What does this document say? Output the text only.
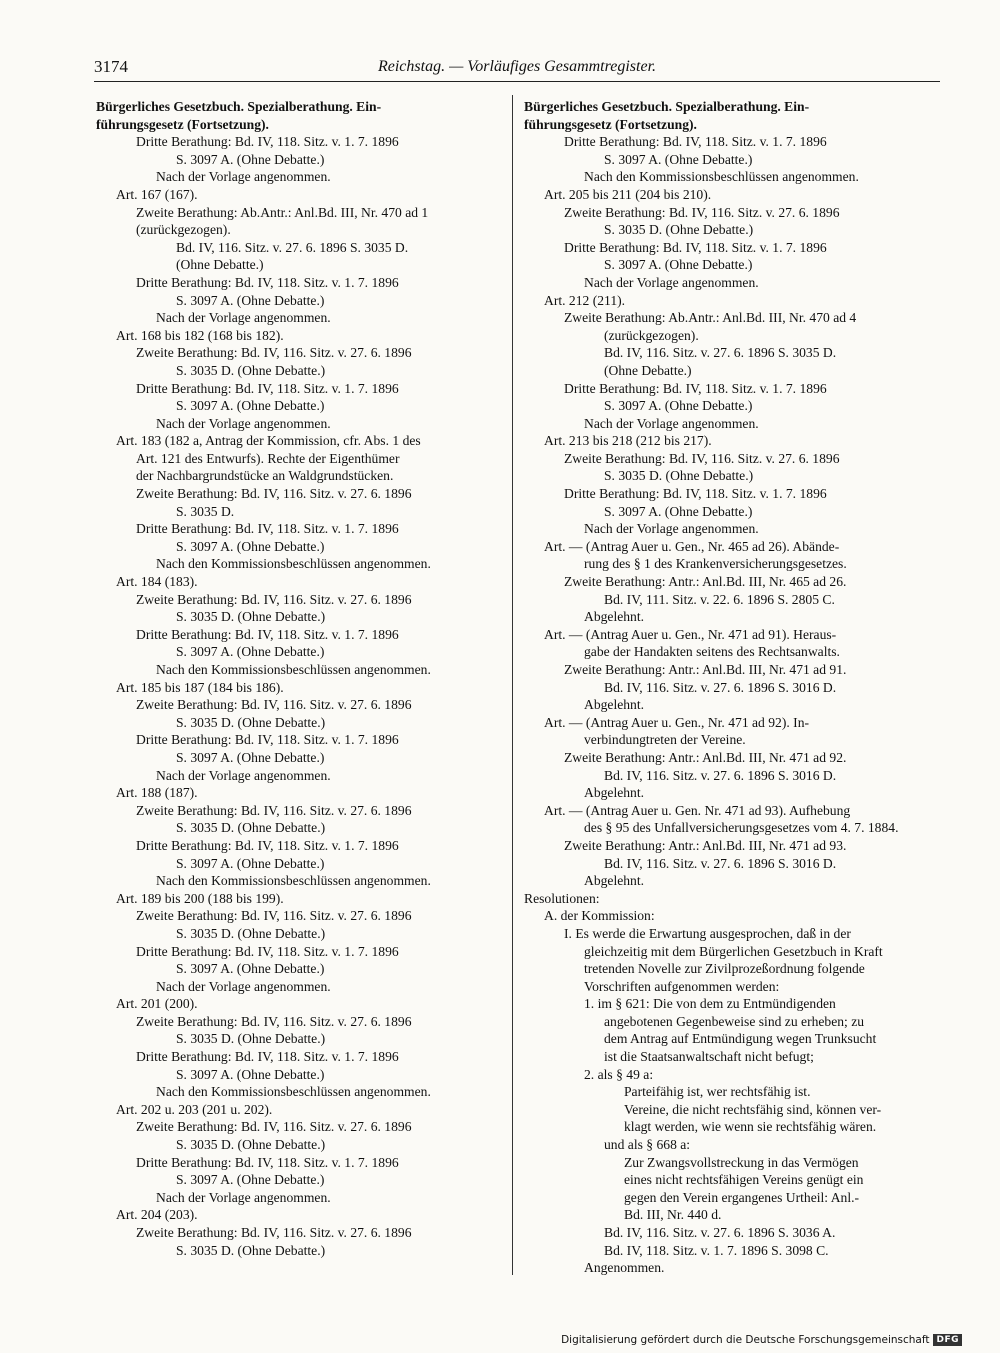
3174	Reichstag. — Vorläufiges Gesammtregister.
Bürgerliches Gesetzbuch. Spezialberathung. Ein-
führungsgesetz (Fortsetzung).
Dritte Berathung: Bd. IV, 118. Sitz. v. 1. 7. 1896
S. 3097 A. (Ohne Debatte.)
Nach der Vorlage angenommen.
Art. 167 (167).
Zweite Berathung: Ab.Antr.: Anl.Bd. III, Nr. 470 ad 1
(zurückgezogen).
Bd. IV, 116. Sitz. v. 27. 6. 1896 S. 3035 D.
(Ohne Debatte.)
Dritte Berathung: Bd. IV, 118. Sitz. v. 1. 7. 1896
S. 3097 A. (Ohne Debatte.)
Nach der Vorlage angenommen.
Art. 168 bis 182 (168 bis 182).
Zweite Berathung: Bd. IV, 116. Sitz. v. 27. 6. 1896
S. 3035 D. (Ohne Debatte.)
Dritte Berathung: Bd. IV, 118. Sitz. v. 1. 7. 1896
S. 3097 A. (Ohne Debatte.)
Nach der Vorlage angenommen.
Art. 183 (182 a, Antrag der Kommission, cfr. Abs. 1 des
Art. 121 des Entwurfs). Rechte der Eigenthümer
der Nachbargrundstücke an Waldgrundstücken.
Zweite Berathung: Bd. IV, 116. Sitz. v. 27. 6. 1896
S. 3035 D.
Dritte Berathung: Bd. IV, 118. Sitz. v. 1. 7. 1896
S. 3097 A. (Ohne Debatte.)
Nach den Kommissionsbeschlüssen angenommen.
Art. 184 (183).
Zweite Berathung: Bd. IV, 116. Sitz. v. 27. 6. 1896
S. 3035 D. (Ohne Debatte.)
Dritte Berathung: Bd. IV, 118. Sitz. v. 1. 7. 1896
S. 3097 A. (Ohne Debatte.)
Nach den Kommissionsbeschlüssen angenommen.
Art. 185 bis 187 (184 bis 186).
Zweite Berathung: Bd. IV, 116. Sitz. v. 27. 6. 1896
S. 3035 D. (Ohne Debatte.)
Dritte Berathung: Bd. IV, 118. Sitz. v. 1. 7. 1896
S. 3097 A. (Ohne Debatte.)
Nach der Vorlage angenommen.
Art. 188 (187).
Zweite Berathung: Bd. IV, 116. Sitz. v. 27. 6. 1896
S. 3035 D. (Ohne Debatte.)
Dritte Berathung: Bd. IV, 118. Sitz. v. 1. 7. 1896
S. 3097 A. (Ohne Debatte.)
Nach den Kommissionsbeschlüssen angenommen.
Art. 189 bis 200 (188 bis 199).
Zweite Berathung: Bd. IV, 116. Sitz. v. 27. 6. 1896
S. 3035 D. (Ohne Debatte.)
Dritte Berathung: Bd. IV, 118. Sitz. v. 1. 7. 1896
S. 3097 A. (Ohne Debatte.)
Nach der Vorlage angenommen.
Art. 201 (200).
Zweite Berathung: Bd. IV, 116. Sitz. v. 27. 6. 1896
S. 3035 D. (Ohne Debatte.)
Dritte Berathung: Bd. IV, 118. Sitz. v. 1. 7. 1896
S. 3097 A. (Ohne Debatte.)
Nach den Kommissionsbeschlüssen angenommen.
Art. 202 u. 203 (201 u. 202).
Zweite Berathung: Bd. IV, 116. Sitz. v. 27. 6. 1896
S. 3035 D. (Ohne Debatte.)
Dritte Berathung: Bd. IV, 118. Sitz. v. 1. 7. 1896
S. 3097 A. (Ohne Debatte.)
Nach der Vorlage angenommen.
Art. 204 (203).
Zweite Berathung: Bd. IV, 116. Sitz. v. 27. 6. 1896
S. 3035 D. (Ohne Debatte.)
Bürgerliches Gesetzbuch. Spezialberathung. Ein-
führungsgesetz (Fortsetzung).
Dritte Berathung: Bd. IV, 118. Sitz. v. 1. 7. 1896
S. 3097 A. (Ohne Debatte.)
Nach den Kommissionsbeschlüssen angenommen.
Art. 205 bis 211 (204 bis 210).
Zweite Berathung: Bd. IV, 116. Sitz. v. 27. 6. 1896
S. 3035 D. (Ohne Debatte.)
Dritte Berathung: Bd. IV, 118. Sitz. v. 1. 7. 1896
S. 3097 A. (Ohne Debatte.)
Nach der Vorlage angenommen.
Art. 212 (211).
Zweite Berathung: Ab.Antr.: Anl.Bd. III, Nr. 470 ad 4
(zurückgezogen).
Bd. IV, 116. Sitz. v. 27. 6. 1896 S. 3035 D.
(Ohne Debatte.)
Dritte Berathung: Bd. IV, 118. Sitz. v. 1. 7. 1896
S. 3097 A. (Ohne Debatte.)
Nach der Vorlage angenommen.
Art. 213 bis 218 (212 bis 217).
Zweite Berathung: Bd. IV, 116. Sitz. v. 27. 6. 1896
S. 3035 D. (Ohne Debatte.)
Dritte Berathung: Bd. IV, 118. Sitz. v. 1. 7. 1896
S. 3097 A. (Ohne Debatte.)
Nach der Vorlage angenommen.
Art. — (Antrag Auer u. Gen., Nr. 465 ad 26). Abände-
rung des § 1 des Krankenversicherungsgesetzes.
Zweite Berathung: Antr.: Anl.Bd. III, Nr. 465 ad 26.
Bd. IV, 111. Sitz. v. 22. 6. 1896 S. 2805 C.
Abgelehnt.
Art. — (Antrag Auer u. Gen., Nr. 471 ad 91). Heraus-
gabe der Handakten seitens des Rechtsanwalts.
Zweite Berathung: Antr.: Anl.Bd. III, Nr. 471 ad 91.
Bd. IV, 116. Sitz. v. 27. 6. 1896 S. 3016 D.
Abgelehnt.
Art. — (Antrag Auer u. Gen., Nr. 471 ad 92). In-
verbindungtreten der Vereine.
Zweite Berathung: Antr.: Anl.Bd. III, Nr. 471 ad 92.
Bd. IV, 116. Sitz. v. 27. 6. 1896 S. 3016 D.
Abgelehnt.
Art. — (Antrag Auer u. Gen. Nr. 471 ad 93). Aufhebung
des § 95 des Unfallversicherungsgesetzes vom 4. 7. 1884.
Zweite Berathung: Antr.: Anl.Bd. III, Nr. 471 ad 93.
Bd. IV, 116. Sitz. v. 27. 6. 1896 S. 3016 D.
Abgelehnt.
Resolutionen:
A. der Kommission:
I. Es werde die Erwartung ausgesprochen, daß in der
gleichzeitig mit dem Bürgerlichen Gesetzbuch in Kraft
tretenden Novelle zur Zivilprozeßordnung folgende
Vorschriften aufgenommen werden:
1. im § 621: Die von dem zu Entmündigenden
angebotenen Gegenbeweise sind zu erheben; zu
dem Antrag auf Entmündigung wegen Trunksucht
ist die Staatsanwaltschaft nicht befugt;
2. als § 49 a:
Parteifähig ist, wer rechtsfähig ist.
Vereine, die nicht rechtsfähig sind, können ver-
klagt werden, wie wenn sie rechtsfähig wären.
und als § 668 a:
Zur Zwangsvollstreckung in das Vermögen
eines nicht rechtsfähigen Vereins genügt ein
gegen den Verein ergangenes Urtheil: Anl.-
Bd. III, Nr. 440 d.
Bd. IV, 116. Sitz. v. 27. 6. 1896 S. 3036 A.
Bd. IV, 118. Sitz. v. 1. 7. 1896 S. 3098 C.
Angenommen.
Digitalisierung gefördert durch die Deutsche Forschungsgemeinschaft DFG
